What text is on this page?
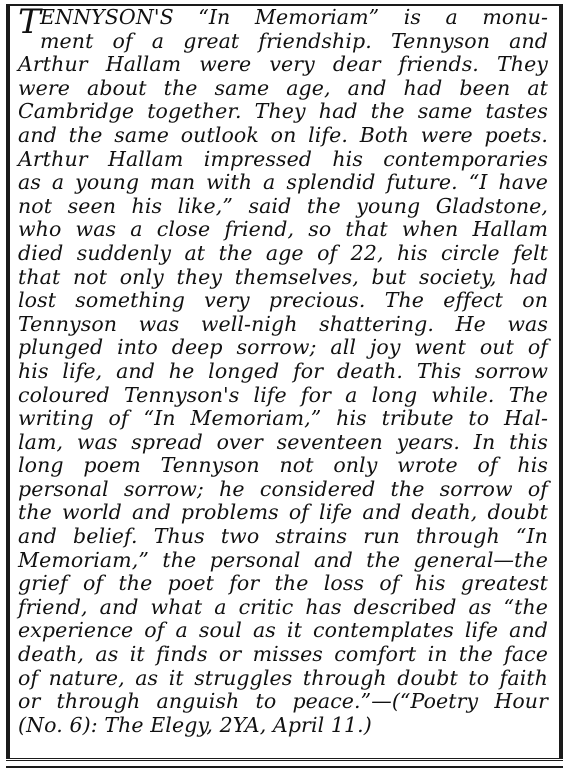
T ENNYSON'S “In Memoriam” is a monu-
ment of a great friendship. Tennyson and
Arthur Hallam were very dear friends. They
were about the same age, and had been at
Cambridge together. They had the same tastes
and the same outlook on life. Both were poets.
Arthur Hallam impressed his contemporaries
as a young man with a splendid future. “I have
not seen his like,” said the young Gladstone,
who was a close friend, so that when Hallam
died suddenly at the age of 22, his circle felt
that not only they themselves, but society, had
lost something very precious. The effect on
Tennyson was well-nigh shattering. He was
plunged into deep sorrow; all joy went out of
his life, and he longed for death. This sorrow
coloured Tennyson's life for a long while. The
writing of “In Memoriam,” his tribute to Hal-
lam, was spread over seventeen years. In this
long poem Tennyson not only wrote of his
personal sorrow; he considered the sorrow of
the world and problems of life and death, doubt
and belief. Thus two strains run through “In
Memoriam,” the personal and the general—the
grief of the poet for the loss of his greatest
friend, and what a critic has described as “the
experience of a soul as it contemplates life and
death, as it finds or misses comfort in the face
of nature, as it struggles through doubt to faith
or through anguish to peace.”—(“Poetry Hour
(No. 6): The Elegy, 2YA, April 11.)
